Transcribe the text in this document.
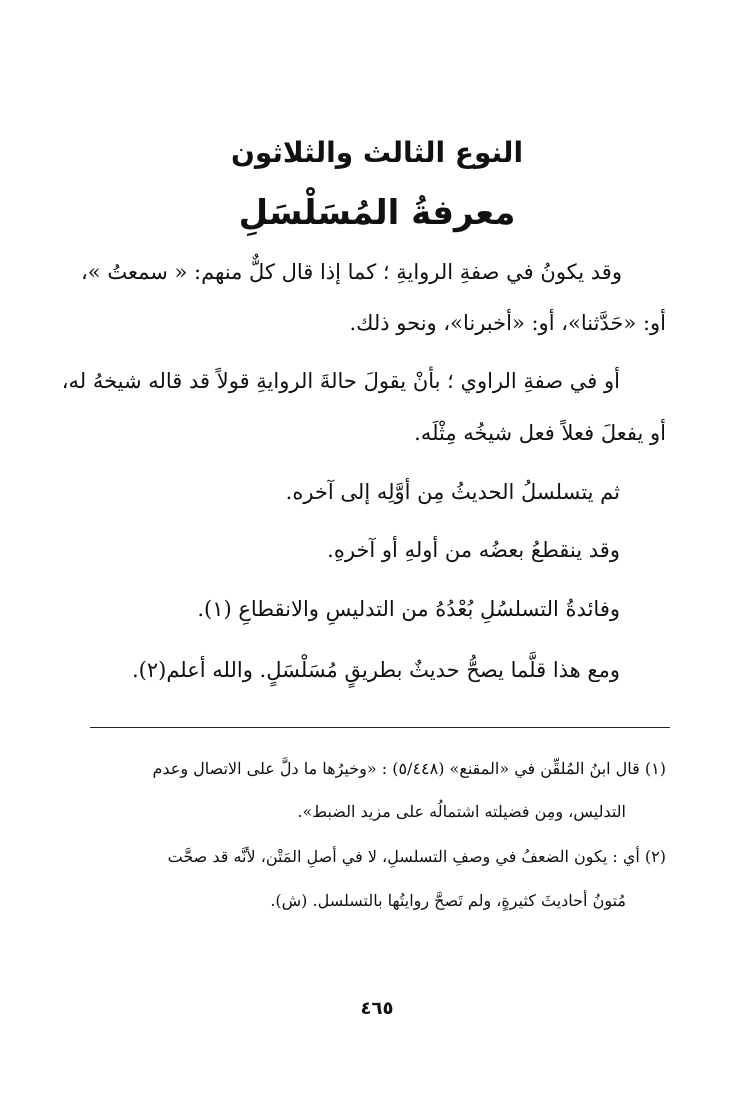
النوع الثالث والثلاثون
معرفةُ المُسَلْسَلِ
وقد يكونُ في صفةِ الروايةِ ؛ كما إذا قال كلٌّ منهم: « سمعتُ »،
أو: «حَدَّثنا»، أو: «أخبرنا»، ونحو ذلك.
أو في صفةِ الراوي ؛ بأنْ يقولَ حالةَ الروايةِ قولاً قد قاله شيخهُ له،
أو يفعلَ فعلاً فعل شيخُه مِثْلَه.
ثم يتسلسلُ الحديثُ مِن أوَّلِه إلى آخره.
وقد ينقطعُ بعضُه من أولهِ أو آخرهِ.
وفائدةُ التسلسُلِ بُعْدُهُ من التدليسِ والانقطاعِ (١).
ومع هذا قلَّما يصحُّ حديثٌ بطريقٍ مُسَلْسَلٍ. والله أعلم(٢).
(١) قال ابنُ المُلقِّن في «المقنع» (٥/٤٤٨) : «وخيرُها ما دلَّ على الاتصال وعدم
التدليس، ومِن فضيلته اشتمالُه على مزيد الضبط».
(٢) أي : يكون الضعفُ في وصفِ التسلسلِ، لا في أصلِ المَتْن، لأنَّه قد صحَّت
مُتونُ أحاديثَ كثيرةٍ، ولم تَصحَّ روايتُها بالتسلسل. (ش).
٤٦٥
